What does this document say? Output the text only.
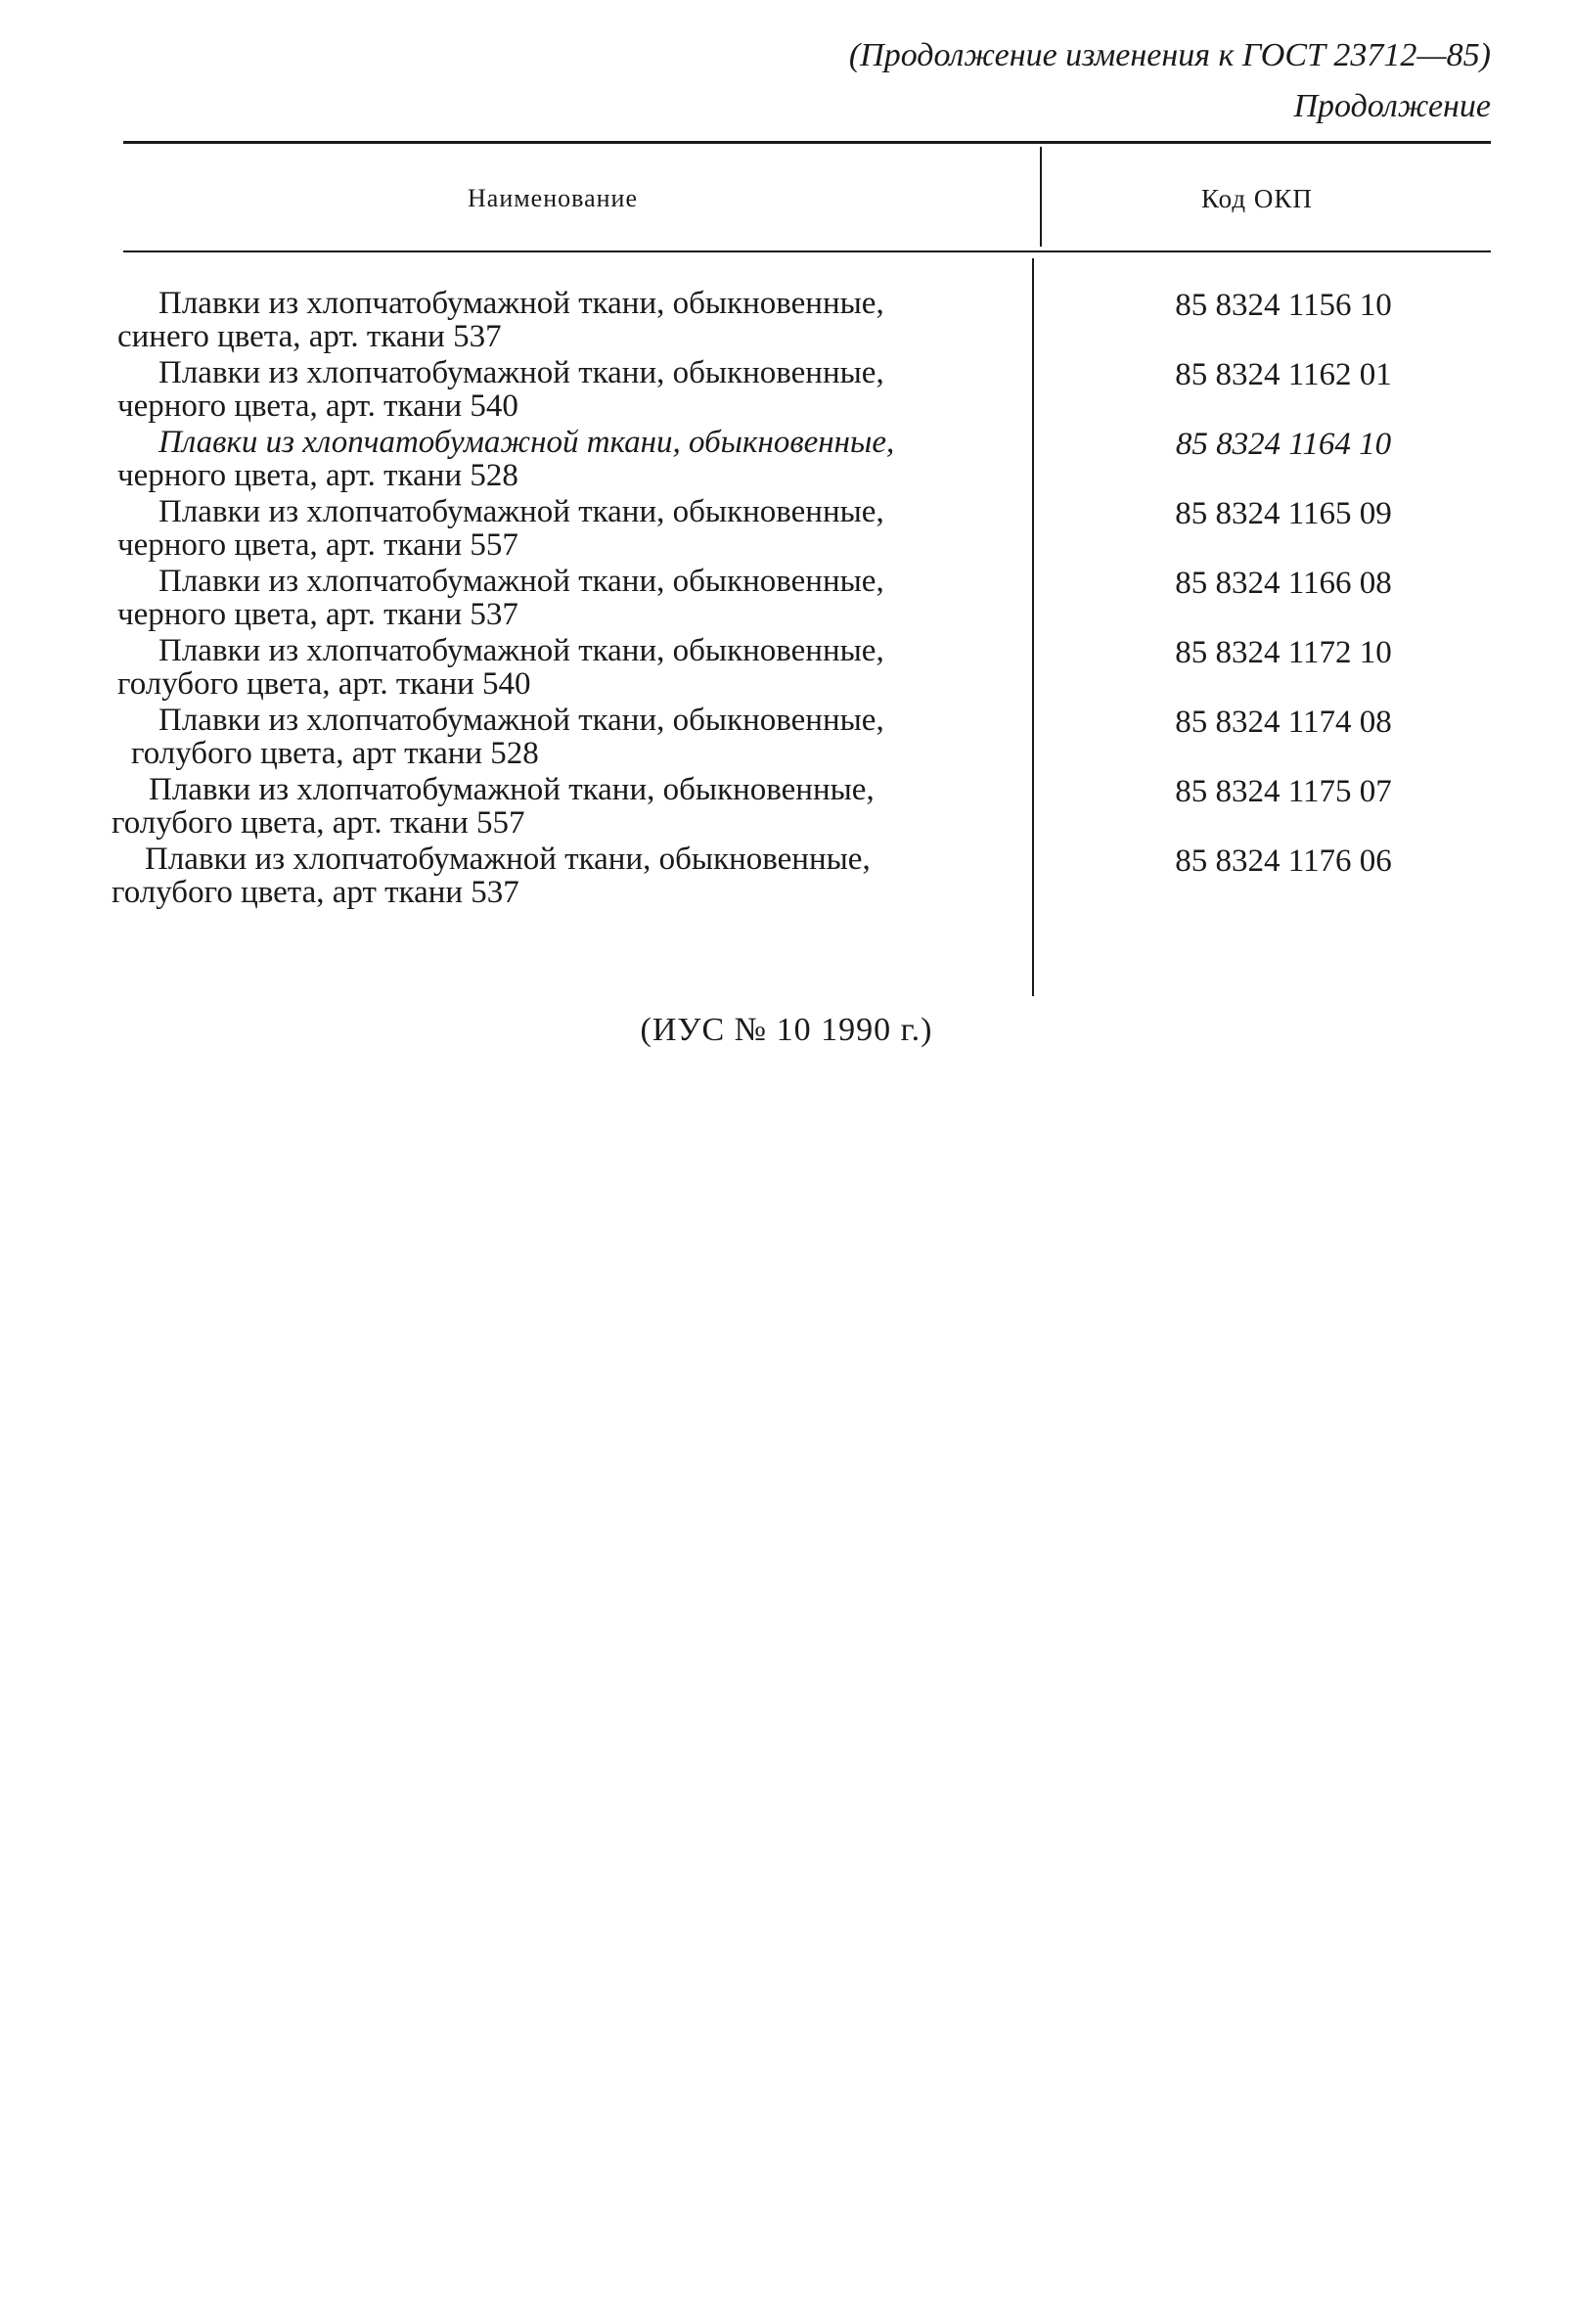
(Продолжение изменения к ГОСТ 23712—85)
Продолжение
Наименование	Код ОКП
Плавки из хлопчатобумажной ткани, обыкновенные,
синего цвета, арт. ткани 537
85 8324 1156 10
Плавки из хлопчатобумажной ткани, обыкновенные,
черного цвета, арт. ткани 540
85 8324 1162 01
Плавки из хлопчатобумажной ткани, обыкновенные,
черного цвета, арт. ткани 528
85 8324 1164 10
Плавки из хлопчатобумажной ткани, обыкновенные,
черного цвета, арт. ткани 557
85 8324 1165 09
Плавки из хлопчатобумажной ткани, обыкновенные,
черного цвета, арт. ткани 537
85 8324 1166 08
Плавки из хлопчатобумажной ткани, обыкновенные,
голубого цвета, арт. ткани 540
85 8324 1172 10
Плавки из хлопчатобумажной ткани, обыкновенные,
голубого цвета, арт ткани 528
85 8324 1174 08
Плавки из хлопчатобумажной ткани, обыкновенные,
голубого цвета, арт. ткани 557
85 8324 1175 07
Плавки из хлопчатобумажной ткани, обыкновенные,
голубого цвета, арт ткани 537
85 8324 1176 06
(ИУС № 10 1990 г.)
